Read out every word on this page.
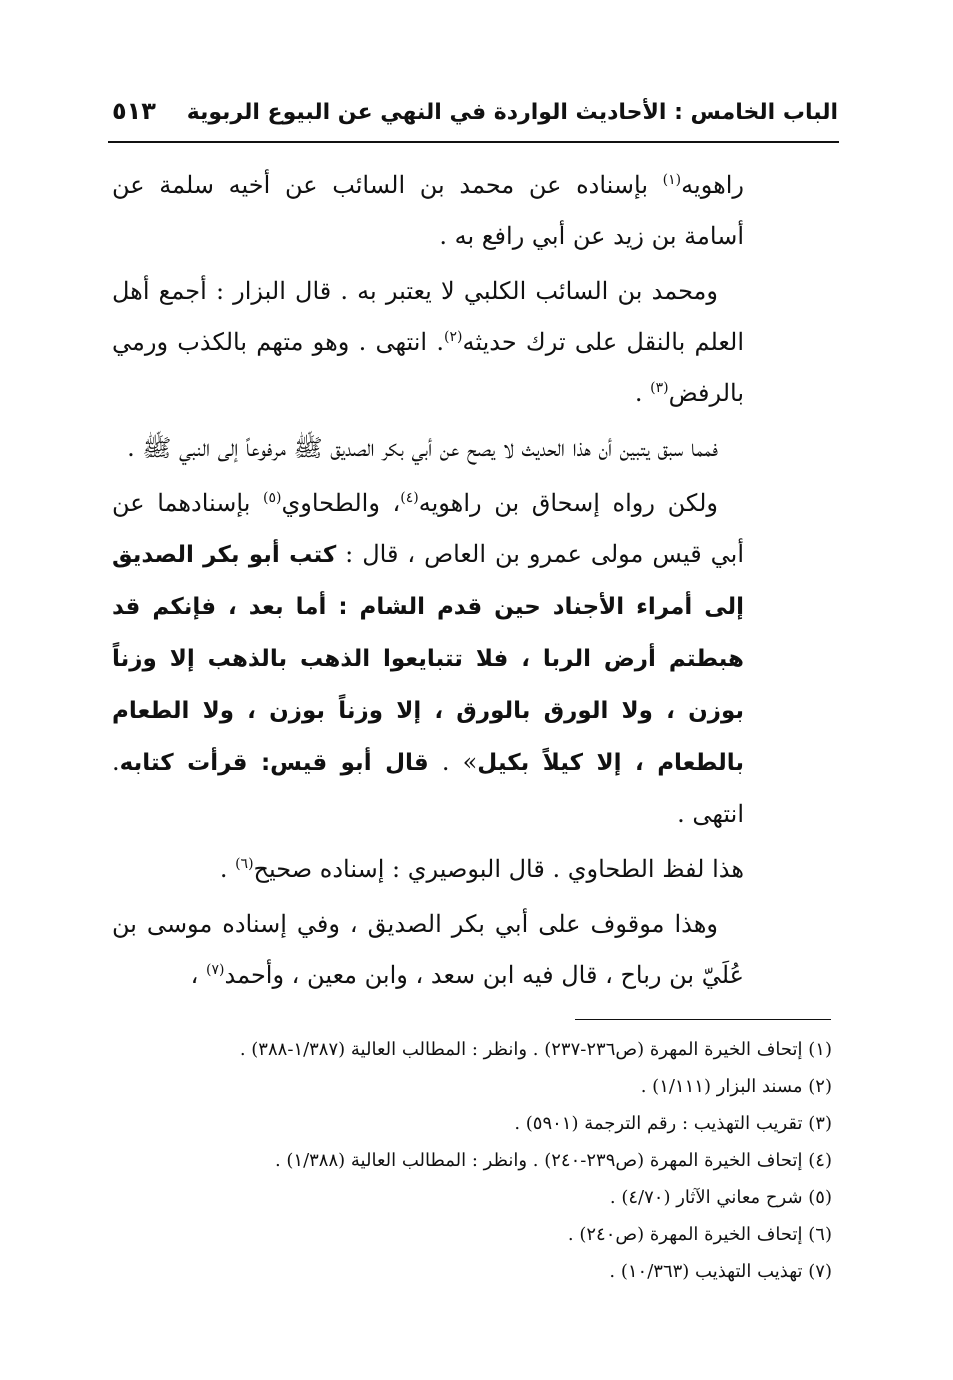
الباب الخامس : الأحاديث الواردة في النهي عن البيوع الربوية
٥١٣

راهويه$^{(١)}$ بإسناده عن محمد بن السائب عن أخيه سلمة عن أسامة بن زيد عن أبي رافع به .

ومحمد بن السائب الكلبي لا يعتبر به . قال البزار : أجمع أهل العلم بالنقل على ترك حديثه$^{(٢)}$. انتهى . وهو متهم بالكذب ورمي بالرفض$^{(٣)}$ .

فمما سبق يتبين أن هذا الحديث لا يصح عن أبي بكر الصديق ﷺ مرفوعاً إلى النبي ﷺ .

ولكن رواه إسحاق بن راهويه$^{(٤)}$، والطحاوي$^{(٥)}$ بإسنادهما عن أبي قيس مولى عمرو بن العاص ، قال : كتب أبو بكر الصديق إلى أمراء الأجناد حين قدم الشام : أما بعد ، فإنكم قد هبطتم أرض الربا ، فلا تتبايعوا الذهب بالذهب إلا وزناً بوزن ، ولا الورق بالورق ، إلا وزناً بوزن ، ولا الطعام بالطعام ، إلا كيلاً بكيل» . قال أبو قيس: قرأت كتابه. انتهى .

هذا لفظ الطحاوي . قال البوصيري : إسناده صحيح$^{(٦)}$ .

وهذا موقوف على أبي بكر الصديق ، وفي إسناده موسى بن عُلَيّ بن رباح ، قال فيه ابن سعد ، وابن معين ، وأحمد$^{(٧)}$ ،

(١) إتحاف الخيرة المهرة (ص٢٣٦-٢٣٧) . وانظر : المطالب العالية (١/٣٨٧-٣٨٨) .
(٢) مسند البزار (١/١١١) .
(٣) تقريب التهذيب : رقم الترجمة (٥٩٠١) .
(٤) إتحاف الخيرة المهرة (ص٢٣٩-٢٤٠) . وانظر : المطالب العالية (١/٣٨٨) .
(٥) شرح معاني الآثار (٤/٧٠) .
(٦) إتحاف الخيرة المهرة (ص٢٤٠) .
(٧) تهذيب التهذيب (١٠/٣٦٣) .
